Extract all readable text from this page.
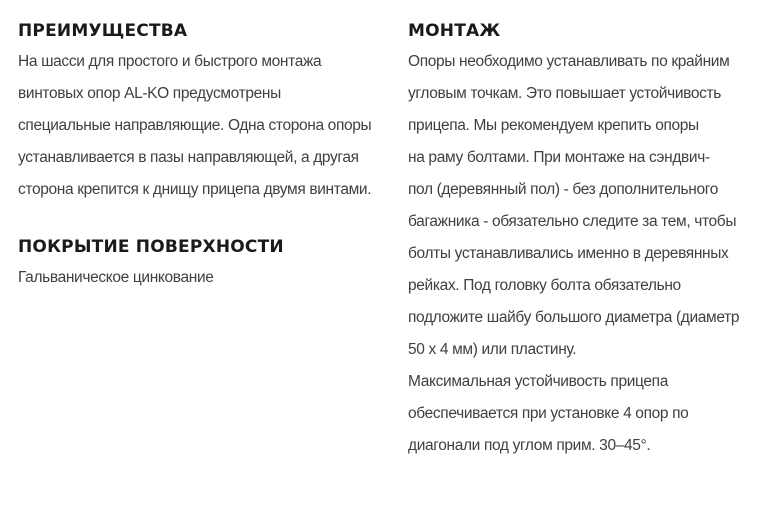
ПРЕИМУЩЕСТВА

На шасси для простого и быстрого монтажа
винтовых опор AL-KO предусмотрены
специальные направляющие. Одна сторона опоры
устанавливается в пазы направляющей, а другая
сторона крепится к днищу прицепа двумя винтами.

ПОКРЫТИЕ ПОВЕРХНОСТИ

Гальваническое цинкование

МОНТАЖ

Опоры необходимо устанавливать по крайним
угловым точкам. Это повышает устойчивость
прицепа. Мы рекомендуем крепить опоры
на раму болтами. При монтаже на сэндвич-
пол (деревянный пол) - без дополнительного
багажника - обязательно следите за тем, чтобы
болты устанавливались именно в деревянных
рейках. Под головку болта обязательно
подложите шайбу большого диаметра (диаметр
50 х 4 мм) или пластину.
Максимальная устойчивость прицепа
обеспечивается при установке 4 опор по
диагонали под углом прим. 30–45°.
